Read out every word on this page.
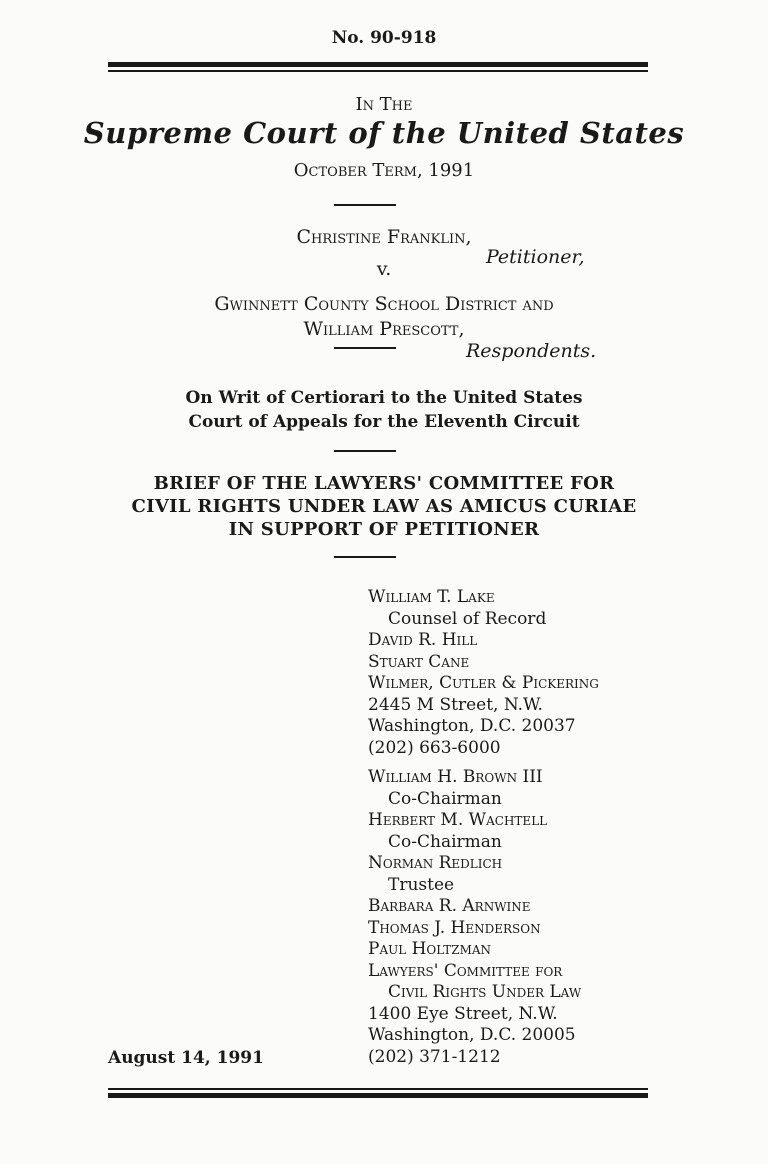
No. 90-918
In The
Supreme Court of the United States
October Term, 1991
Christine Franklin,
Petitioner,
v.
Gwinnett County School District and
William Prescott,
Respondents.
On Writ of Certiorari to the United States
Court of Appeals for the Eleventh Circuit
BRIEF OF THE LAWYERS' COMMITTEE FOR
CIVIL RIGHTS UNDER LAW AS AMICUS CURIAE
IN SUPPORT OF PETITIONER
William T. Lake
Counsel of Record
David R. Hill
Stuart Cane
Wilmer, Cutler & Pickering
2445 M Street, N.W.
Washington, D.C. 20037
(202) 663-6000
William H. Brown III
Co-Chairman
Herbert M. Wachtell
Co-Chairman
Norman Redlich
Trustee
Barbara R. Arnwine
Thomas J. Henderson
Paul Holtzman
Lawyers' Committee for
Civil Rights Under Law
1400 Eye Street, N.W.
Washington, D.C. 20005
(202) 371-1212
August 14, 1991
